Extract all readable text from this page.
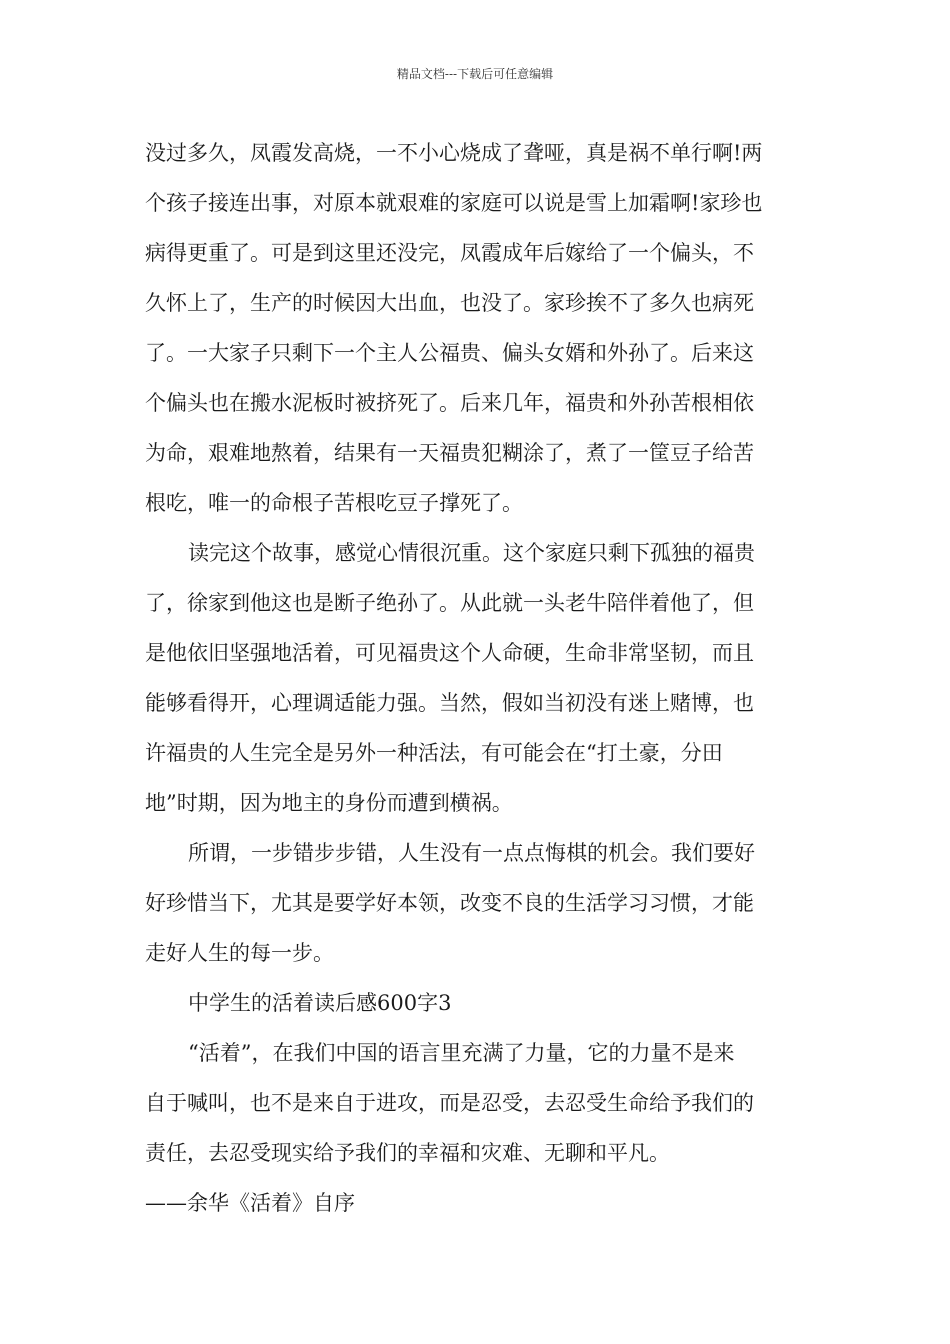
精品文档---下载后可任意编辑
没过多久，凤霞发高烧，一不小心烧成了聋哑，真是祸不单行啊!两
个孩子接连出事，对原本就艰难的家庭可以说是雪上加霜啊!家珍也
病得更重了。可是到这里还没完，凤霞成年后嫁给了一个偏头，不
久怀上了，生产的时候因大出血，也没了。家珍挨不了多久也病死
了。一大家子只剩下一个主人公福贵、偏头女婿和外孙了。后来这
个偏头也在搬水泥板时被挤死了。后来几年，福贵和外孙苦根相依
为命，艰难地熬着，结果有一天福贵犯糊涂了，煮了一筐豆子给苦
根吃，唯一的命根子苦根吃豆子撑死了。
读完这个故事，感觉心情很沉重。这个家庭只剩下孤独的福贵
了，徐家到他这也是断子绝孙了。从此就一头老牛陪伴着他了，但
是他依旧坚强地活着，可见福贵这个人命硬，生命非常坚韧，而且
能够看得开，心理调适能力强。当然，假如当初没有迷上赌博，也
许福贵的人生完全是另外一种活法，有可能会在“打土豪，分田
地”时期，因为地主的身份而遭到横祸。
所谓，一步错步步错，人生没有一点点悔棋的机会。我们要好
好珍惜当下，尤其是要学好本领，改变不良的生活学习习惯，才能
走好人生的每一步。
中学生的活着读后感600字3
“活着”，在我们中国的语言里充满了力量，它的力量不是来
自于喊叫，也不是来自于进攻，而是忍受，去忍受生命给予我们的
责任，去忍受现实给予我们的幸福和灾难、无聊和平凡。
——余华《活着》自序
